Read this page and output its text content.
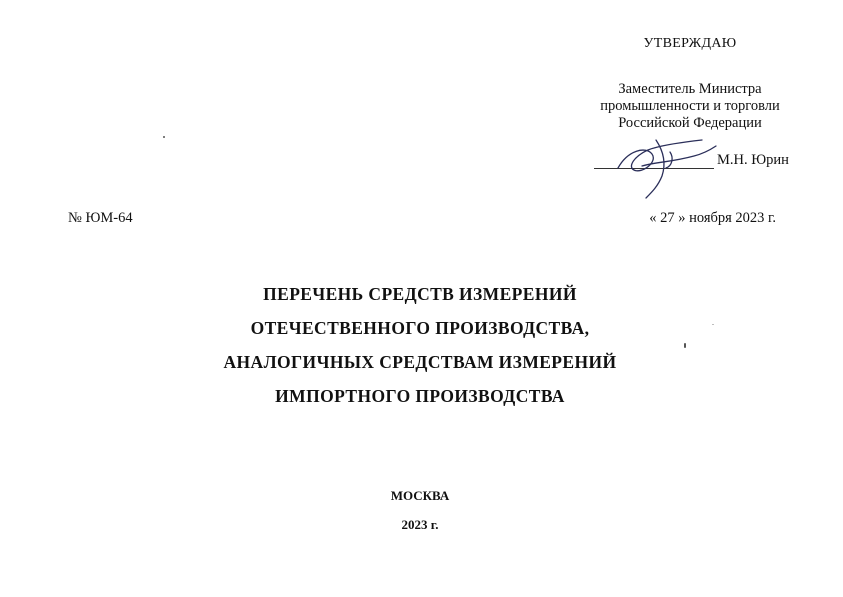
УТВЕРЖДАЮ
Заместитель Министра
промышленности и торговли
Российской Федерации
М.Н. Юрин
№ ЮМ-64	« 27 » ноября 2023 г.
ПЕРЕЧЕНЬ СРЕДСТВ ИЗМЕРЕНИЙ
ОТЕЧЕСТВЕННОГО ПРОИЗВОДСТВА,
АНАЛОГИЧНЫХ СРЕДСТВАМ ИЗМЕРЕНИЙ
ИМПОРТНОГО ПРОИЗВОДСТВА
МОСКВА
2023 г.
